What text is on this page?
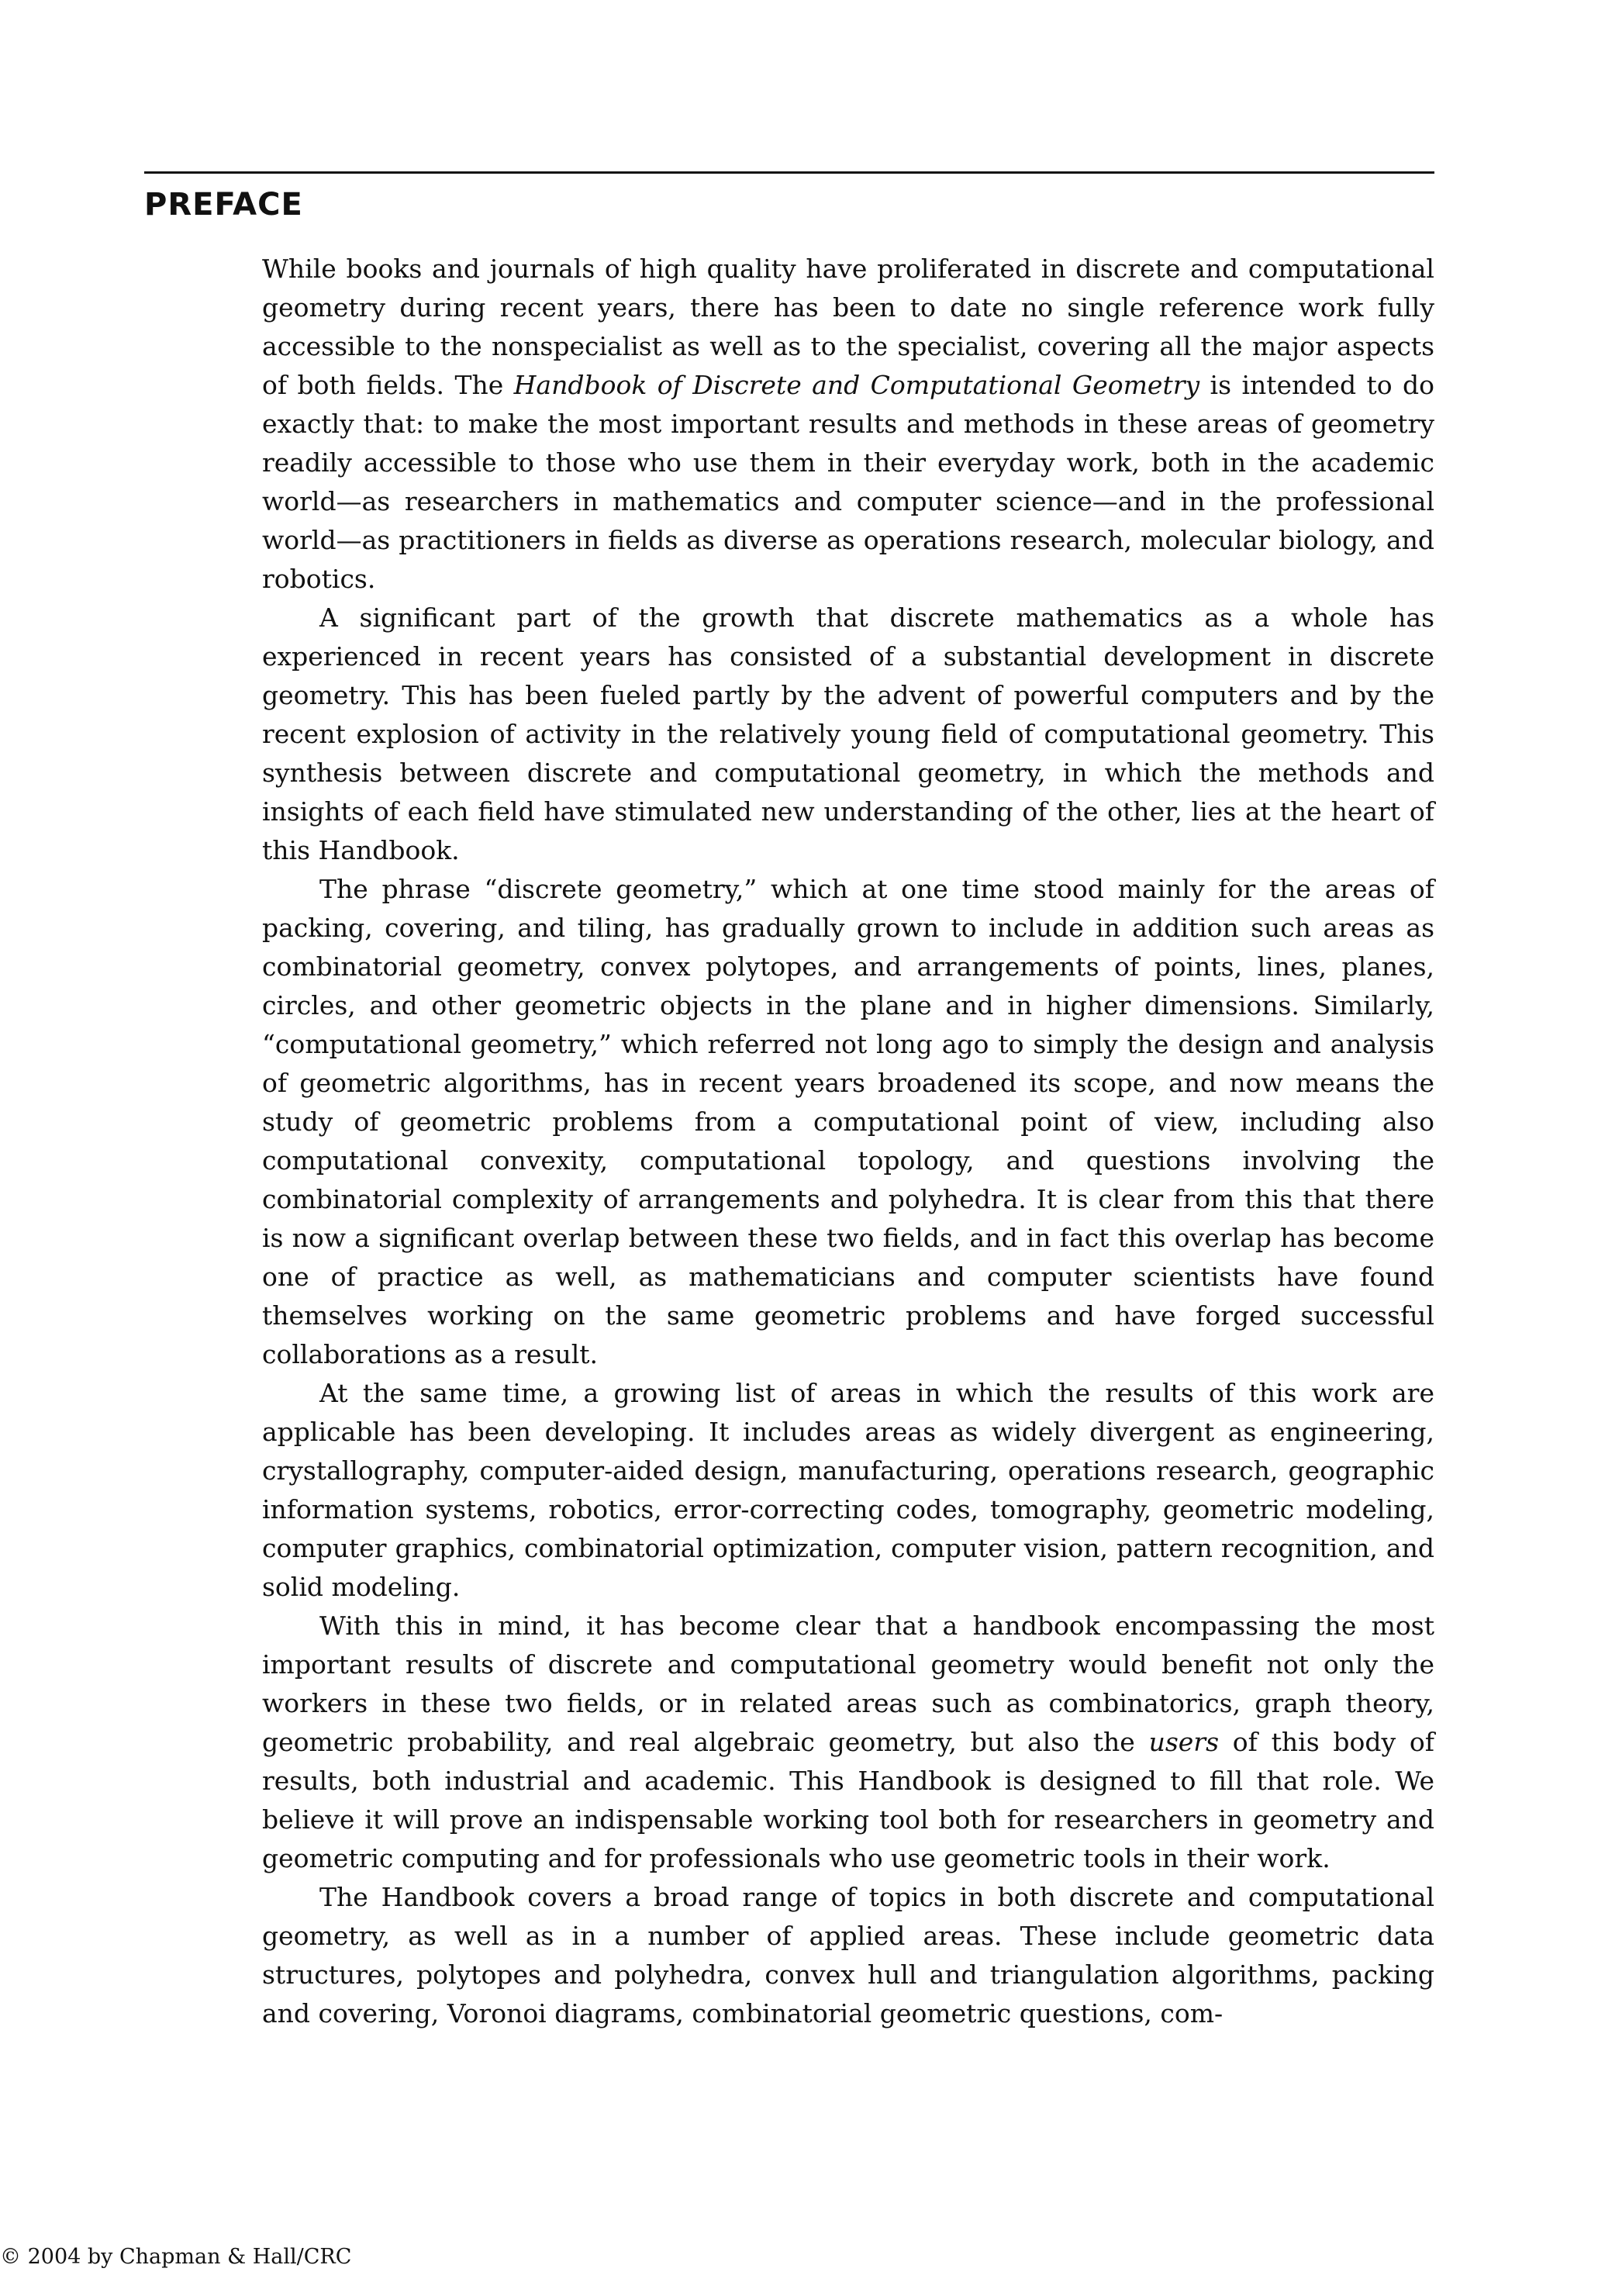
PREFACE

While books and journals of high quality have proliferated in discrete and computational geometry during recent years, there has been to date no single reference work fully accessible to the nonspecialist as well as to the specialist, covering all the major aspects of both fields. The Handbook of Discrete and Computational Geometry is intended to do exactly that: to make the most important results and methods in these areas of geometry readily accessible to those who use them in their everyday work, both in the academic world—as researchers in mathematics and computer science—and in the professional world—as practitioners in fields as diverse as operations research, molecular biology, and robotics.

A significant part of the growth that discrete mathematics as a whole has experienced in recent years has consisted of a substantial development in discrete geometry. This has been fueled partly by the advent of powerful computers and by the recent explosion of activity in the relatively young field of computational geometry. This synthesis between discrete and computational geometry, in which the methods and insights of each field have stimulated new understanding of the other, lies at the heart of this Handbook.

The phrase “discrete geometry,” which at one time stood mainly for the areas of packing, covering, and tiling, has gradually grown to include in addition such areas as combinatorial geometry, convex polytopes, and arrangements of points, lines, planes, circles, and other geometric objects in the plane and in higher dimensions. Similarly, “computational geometry,” which referred not long ago to simply the design and analysis of geometric algorithms, has in recent years broadened its scope, and now means the study of geometric problems from a computational point of view, including also computational convexity, computational topology, and questions involving the combinatorial complexity of arrangements and polyhedra. It is clear from this that there is now a significant overlap between these two fields, and in fact this overlap has become one of practice as well, as mathematicians and computer scientists have found themselves working on the same geometric problems and have forged successful collaborations as a result.

At the same time, a growing list of areas in which the results of this work are applicable has been developing. It includes areas as widely divergent as engineering, crystallography, computer-aided design, manufacturing, operations research, geographic information systems, robotics, error-correcting codes, tomography, geometric modeling, computer graphics, combinatorial optimization, computer vision, pattern recognition, and solid modeling.

With this in mind, it has become clear that a handbook encompassing the most important results of discrete and computational geometry would benefit not only the workers in these two fields, or in related areas such as combinatorics, graph theory, geometric probability, and real algebraic geometry, but also the users of this body of results, both industrial and academic. This Handbook is designed to fill that role. We believe it will prove an indispensable working tool both for researchers in geometry and geometric computing and for professionals who use geometric tools in their work.

The Handbook covers a broad range of topics in both discrete and computational geometry, as well as in a number of applied areas. These include geometric data structures, polytopes and polyhedra, convex hull and triangulation algorithms, packing and covering, Voronoi diagrams, combinatorial geometric questions, com-

© 2004 by Chapman & Hall/CRC
